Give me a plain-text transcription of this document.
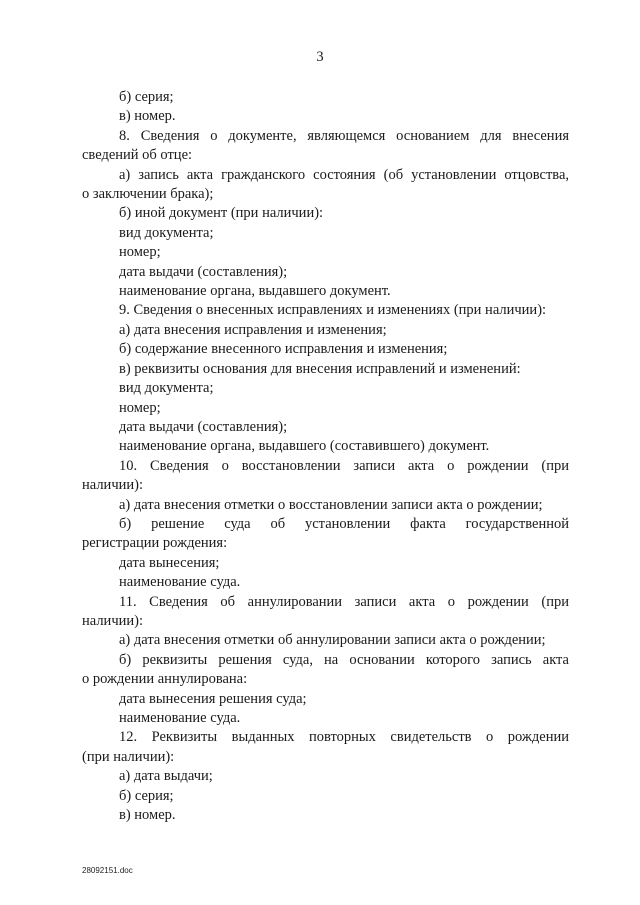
3

б) серия;

в) номер.

8. Сведения о документе, являющемся основанием для внесения

сведений об отце:

а) запись акта гражданского состояния (об установлении отцовства,

о заключении брака);

б) иной документ (при наличии):

вид документа;

номер;

дата выдачи (составления);

наименование органа, выдавшего документ.

9. Сведения о внесенных исправлениях и изменениях (при наличии):

а) дата внесения исправления и изменения;

б) содержание внесенного исправления и изменения;

в) реквизиты основания для внесения исправлений и изменений:

вид документа;

номер;

дата выдачи (составления);

наименование органа, выдавшего (составившего) документ.

10. Сведения о восстановлении записи акта о рождении (при

наличии):

а) дата внесения отметки о восстановлении записи акта о рождении;

б) решение суда об установлении факта государственной

регистрации рождения:

дата вынесения;

наименование суда.

11. Сведения об аннулировании записи акта о рождении (при

наличии):

а) дата внесения отметки об аннулировании записи акта о рождении;

б) реквизиты решения суда, на основании которого запись акта

о рождении аннулирована:

дата вынесения решения суда;

наименование суда.

12. Реквизиты выданных повторных свидетельств о рождении

(при наличии):

а) дата выдачи;

б) серия;

в) номер.

28092151.doc
